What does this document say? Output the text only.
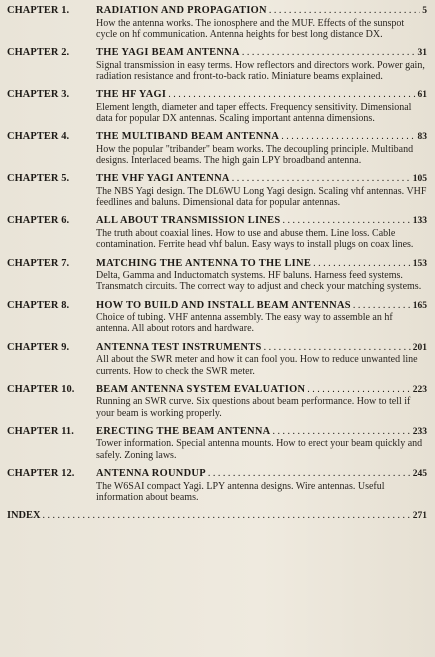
CHAPTER 1.	RADIATION AND PROPAGATION . . .	5
How the antenna works. The ionosphere and the MUF. Effects of the sunspot cycle on hf communication. Antenna heights for best long distance DX.
CHAPTER 2.	THE YAGI BEAM ANTENNA . . .	31
Signal transmission in easy terms. How reflectors and directors work. Power gain, radiation resistance and front-to-back ratio. Miniature beams explained.
CHAPTER 3.	THE HF YAGI . . .	61
Element length, diameter and taper effects. Frequency sensitivity. Dimensional data for popular DX antennas. Scaling important antenna dimensions.
CHAPTER 4.	THE MULTIBAND BEAM ANTENNA . . .	83
How the popular "tribander" beam works. The decoupling principle. Multiband designs. Interlaced beams. The high gain LPY broadband antenna.
CHAPTER 5.	THE VHF YAGI ANTENNA . . .	105
The NBS Yagi design. The DL6WU Long Yagi design. Scaling vhf antennas. VHF feedlines and baluns. Dimensional data for popular antennas.
CHAPTER 6.	ALL ABOUT TRANSMISSION LINES . . .	133
The truth about coaxial lines. How to use and abuse them. Line loss. Cable contamination. Ferrite head vhf balun. Easy ways to install plugs on coax lines.
CHAPTER 7.	MATCHING THE ANTENNA TO THE LINE . . .	153
Delta, Gamma and Inductomatch systems. HF baluns. Harness feed systems. Transmatch circuits. The correct way to adjust and check your matching systems.
CHAPTER 8.	HOW TO BUILD AND INSTALL BEAM ANTENNAS . . .	165
Choice of tubing. VHF antenna assembly. The easy way to assemble an hf antenna. All about rotors and hardware.
CHAPTER 9.	ANTENNA TEST INSTRUMENTS . . .	201
All about the SWR meter and how it can fool you. How to reduce unwanted line currents. How to check the SWR meter.
CHAPTER 10.	BEAM ANTENNA SYSTEM EVALUATION . . .	223
Running an SWR curve. Six questions about beam performance. How to tell if your beam is working properly.
CHAPTER 11.	ERECTING THE BEAM ANTENNA . . .	233
Tower information. Special antenna mounts. How to erect your beam quickly and safely. Zoning laws.
CHAPTER 12.	ANTENNA ROUNDUP . . .	245
The W6SAI compact Yagi. LPY antenna designs. Wire antennas. Useful information about beams.
INDEX . . .	271
